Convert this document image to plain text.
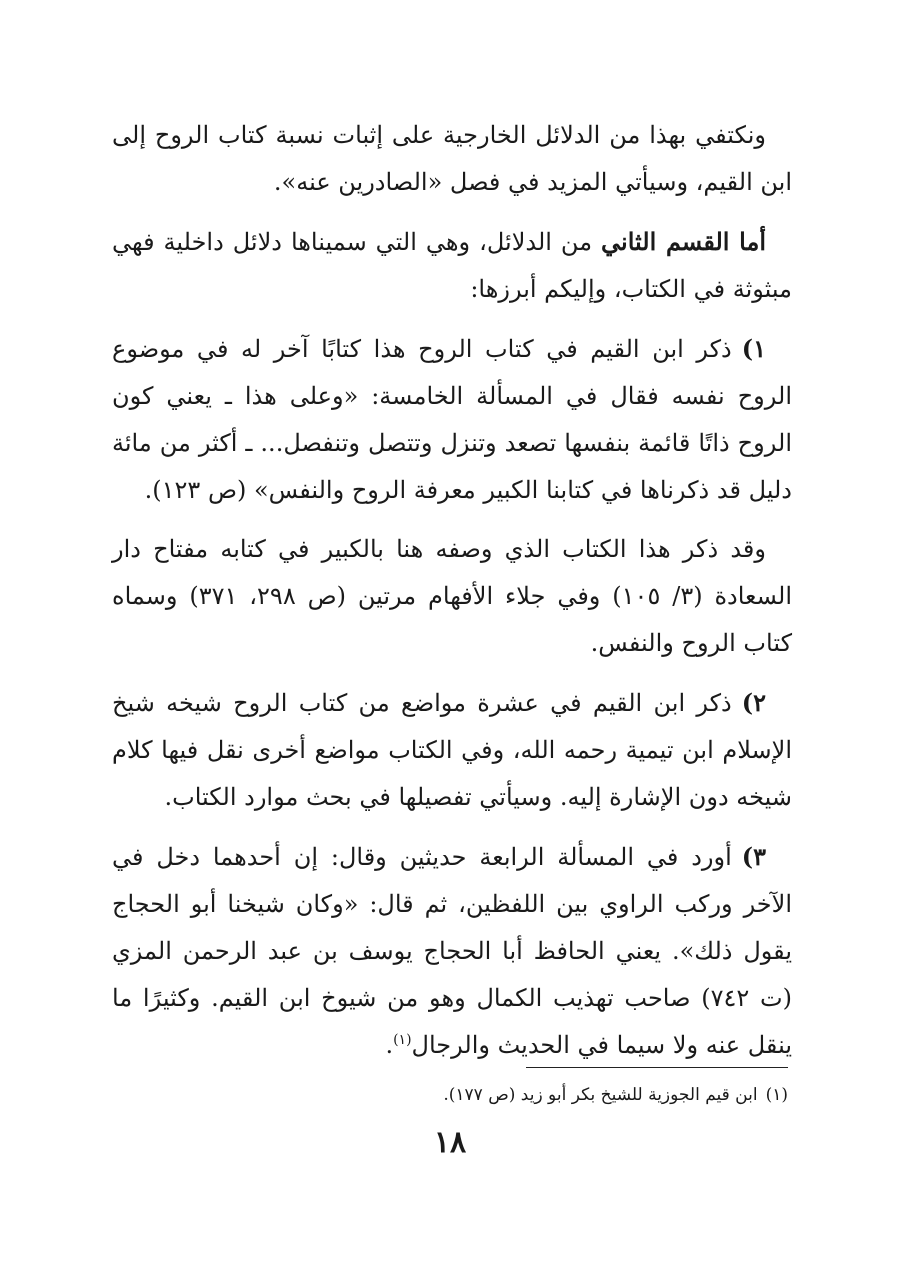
ونكتفي بهذا من الدلائل الخارجية على إثبات نسبة كتاب الروح إلى ابن القيم، وسيأتي المزيد في فصل «الصادرين عنه».

أما القسم الثاني من الدلائل، وهي التي سميناها دلائل داخلية فهي مبثوثة في الكتاب، وإليكم أبرزها:

١)ذكر ابن القيم في كتاب الروح هذا كتابًا آخر له في موضوع الروح نفسه فقال في المسألة الخامسة: «وعلى هذا ـ يعني كون الروح ذاتًا قائمة بنفسها تصعد وتنزل وتتصل وتنفصل... ـ أكثر من مائة دليل قد ذكرناها في كتابنا الكبير معرفة الروح والنفس» (ص ١٢٣).

وقد ذكر هذا الكتاب الذي وصفه هنا بالكبير في كتابه مفتاح دار السعادة (٣/ ١٠٥) وفي جلاء الأفهام مرتين (ص ٢٩٨، ٣٧١) وسماه كتاب الروح والنفس.

٢)ذكر ابن القيم في عشرة مواضع من كتاب الروح شيخه شيخ الإسلام ابن تيمية رحمه الله، وفي الكتاب مواضع أخرى نقل فيها كلام شيخه دون الإشارة إليه. وسيأتي تفصيلها في بحث موارد الكتاب.

٣)أورد في المسألة الرابعة حديثين وقال: إن أحدهما دخل في الآخر وركب الراوي بين اللفظين، ثم قال: «وكان شيخنا أبو الحجاج يقول ذلك». يعني الحافظ أبا الحجاج يوسف بن عبد الرحمن المزي (ت ٧٤٢) صاحب تهذيب الكمال وهو من شيوخ ابن القيم. وكثيرًا ما ينقل عنه ولا سيما في الحديث والرجال$^{(١)}$.

(١)ابن قيم الجوزية للشيخ بكر أبو زيد (ص ١٧٧).
١٨
